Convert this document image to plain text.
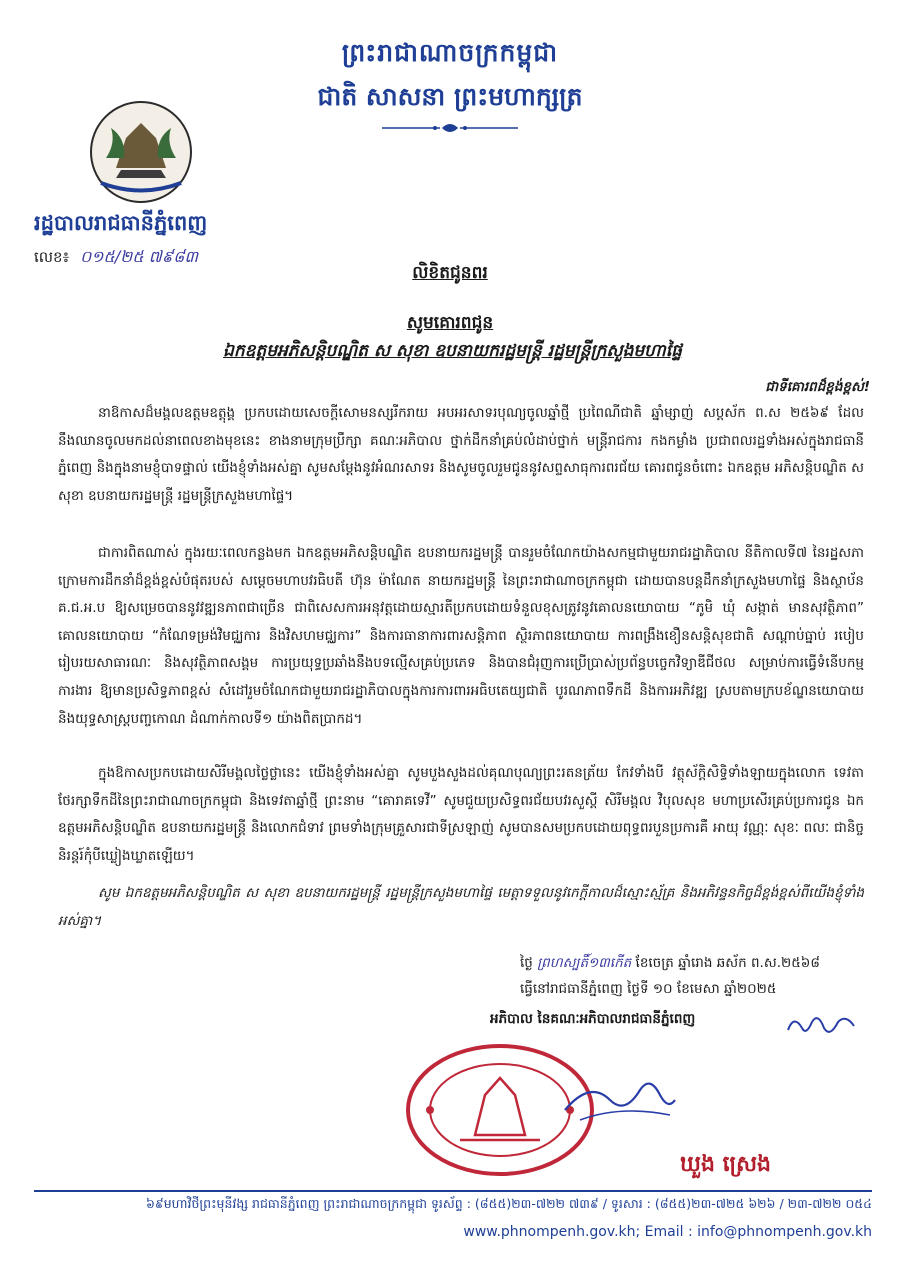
ព្រះរាជាណាចក្រកម្ពុជា
ជាតិ សាសនា ព្រះមហាក្សត្រ
រដ្ឋបាលរាជធានីភ្នំពេញ
លេខ៖ ០១៥/២៥ ៧៩៨៣
លិខិតជូនពរ
សូមគោរពជូន
ឯកឧត្តមអភិសន្តិបណ្ឌិត ស សុខា ឧបនាយករដ្ឋមន្ត្រី រដ្ឋមន្ត្រីក្រសួងមហាផ្ទៃ
ជាទីគោរពដ៏ខ្ពង់ខ្ពស់!

នាឱកាសដ៏មង្គលឧត្តមឧត្តុង្គ ប្រកបដោយសេចក្តីសោមនស្សរីករាយ អបអរសាទរបុណ្យចូលឆ្នាំថ្មី ប្រពៃណីជាតិ ឆ្នាំម្សាញ់ សប្តស័ក ព.ស ២៥៦៩ ដែលនឹងឈានចូលមកដល់នាពេលខាងមុខនេះ ខាងនាមក្រុមប្រឹក្សា គណៈអភិបាល ថ្នាក់ដឹកនាំគ្រប់លំដាប់ថ្នាក់ មន្ត្រីរាជការ កងកម្លាំង ប្រជាពលរដ្ឋទាំងអស់ក្នុងរាជធានីភ្នំពេញ និងក្នុងនាមខ្ញុំបាទផ្ទាល់ យើងខ្ញុំទាំងអស់គ្នា សូមសម្តែងនូវអំណរសាទរ និងសូមចូលរួមជូននូវសព្ទសាធុការពរជ័យ គោរពជូនចំពោះ ឯកឧត្តម អភិសន្តិបណ្ឌិត ស សុខា ឧបនាយករដ្ឋមន្ត្រី រដ្ឋមន្ត្រីក្រសួងមហាផ្ទៃ។

ជាការពិតណាស់ ក្នុងរយៈពេលកន្លងមក ឯកឧត្តមអភិសន្តិបណ្ឌិត ឧបនាយករដ្ឋមន្ត្រី បានរួមចំណែកយ៉ាងសកម្មជាមួយរាជរដ្ឋាភិបាល នីតិកាលទី៧ នៃរដ្ឋសភា ក្រោមការដឹកនាំដ៏ខ្ពង់ខ្ពស់បំផុតរបស់ សម្តេចមហាបវរធិបតី ហ៊ុន ម៉ាណែត នាយករដ្ឋមន្ត្រី នៃព្រះរាជាណាចក្រកម្ពុជា ដោយបានបន្តដឹកនាំក្រសួងមហាផ្ទៃ និងស្ថាប័ន គ.ជ.អ.ប ឱ្យសម្រេចបាននូវវឌ្ឍនភាពជាច្រើន ជាពិសេសការអនុវត្តដោយស្មារតីប្រកបដោយទំនួលខុសត្រូវនូវគោលនយោបាយ “ភូមិ ឃុំ សង្កាត់ មានសុវត្ថិភាព” គោលនយោបាយ “កំណែទម្រង់វិមជ្ឈការ និងវិសហមជ្ឈការ” និងការធានាការពារសន្តិភាព ស្ថិរភាពនយោបាយ ការពង្រឹងខឿនសន្តិសុខជាតិ សណ្តាប់ធ្នាប់ របៀបរៀបរយសាធារណៈ និងសុវត្ថិភាពសង្គម ការប្រយុទ្ធប្រឆាំងនឹងបទល្មើសគ្រប់ប្រភេទ និងបានជំរុញការប្រើប្រាស់ប្រព័ន្ធបច្ចេកវិទ្យាឌីជីថល សម្រាប់ការធ្វើទំនើបកម្មការងារ ឱ្យមានប្រសិទ្ធភាពខ្ពស់ សំដៅរួមចំណែកជាមួយរាជរដ្ឋាភិបាលក្នុងការការពារអធិបតេយ្យជាតិ បូរណភាពទឹកដី និងការអភិវឌ្ឍ ស្របតាមក្របខ័ណ្ឌនយោបាយ និងយុទ្ធសាស្ត្របញ្ចកោណ ដំណាក់កាលទី១ យ៉ាងពិតប្រាកដ។

ក្នុងឱកាសប្រកបដោយសិរីមង្គលថ្លៃថ្លានេះ យើងខ្ញុំទាំងអស់គ្នា សូមបួងសួងដល់គុណបុណ្យព្រះរតនត្រ័យ កែវទាំងបី វត្ថុស័ក្តិសិទ្ធិទាំងឡាយក្នុងលោក ទេវតាថែរក្សាទឹកដីនៃព្រះរាជាណាចក្រកម្ពុជា និងទេវតាឆ្នាំថ្មី ព្រះនាម “គោរាគទេវី” សូមជួយប្រសិទ្ធពរជ័យបវរសួស្តី សិរីមង្គល វិបុលសុខ មហាប្រសើរគ្រប់ប្រការជូន ឯកឧត្តមអភិសន្តិបណ្ឌិត ឧបនាយករដ្ឋមន្ត្រី និងលោកជំទាវ ព្រមទាំងក្រុមគ្រួសារជាទីស្រឡាញ់ សូមបានសមប្រកបដោយពុទ្ធពរបួនប្រការគឺ អាយុ វណ្ណៈ សុខៈ ពលៈ ជានិច្ចនិរន្តរ៍កុំបីឃ្លៀងឃ្លាតឡើយ។

សូម ឯកឧត្តមអភិសន្តិបណ្ឌិត ស សុខា ឧបនាយករដ្ឋមន្ត្រី រដ្ឋមន្ត្រីក្រសួងមហាផ្ទៃ មេត្តាទទួលនូវកេក្តីកាលដ៏ស្មោះស្ម័គ្រ និងអភិវន្ទនកិច្ចដ៏ខ្ពង់ខ្ពស់ពីយើងខ្ញុំទាំងអស់គ្នា។

ថ្ងៃ ព្រហស្បតិ៍១៣កើត ខែចេត្រ ឆ្នាំរោង ឆស័ក ព.ស.២៥៦៨
ធ្វើនៅរាជធានីភ្នំពេញ ថ្ងៃទី ១០ ខែមេសា ឆ្នាំ២០២៥
អភិបាល នៃគណៈអភិបាលរាជធានីភ្នំពេញ
ឃួង ស្រេង
៦៩មហាវិថីព្រះមុនីវង្ស រាជធានីភ្នំពេញ ព្រះរាជាណាចក្រកម្ពុជា ទូរស័ព្ទ : (៨៥៥)២៣-៧២២ ៧៣៩ / ទូរសារ : (៨៥៥)២៣-៧២៥ ៦២៦ / ២៣-៧២២ ០៥៤
www.phnompenh.gov.kh; Email : info@phnompenh.gov.kh
